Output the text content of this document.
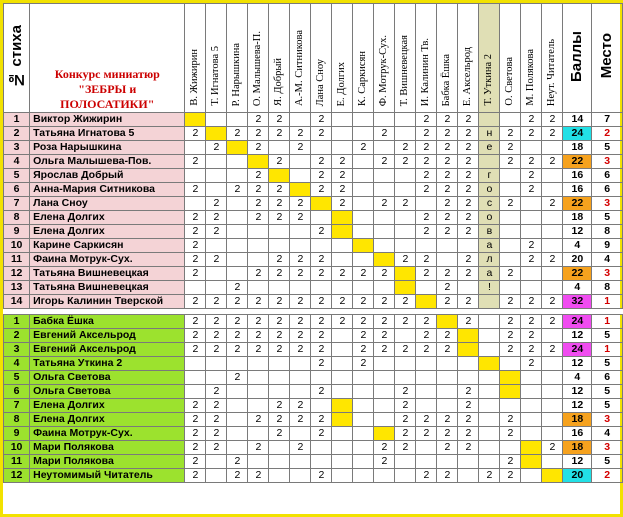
№ стиха	Конкурс миниатюр "ЗЕБРЫ и ПОЛОСАТИКИ"	В. Жижирин	Т. Игнатова 5	Р. Нарышкина	О. Малышева-П.	Я. Добрый	А.-М. Ситникова	Лана Сноу	Е. Долгих	К. Саркисян	Ф. Мотрук-Сух.	Т. Вишневецкая	И. Калинин Тв.	Бабка Ёшка	Е. Аксельрод	Т. Уткина 2	О. Светова	М. Полякова	Неут. Читатель	Баллы	Место
1	Виктор Жижирин				2	2		2					2	2	2			2	2	14	7
2	Татьяна Игнатова 5	2		2	2	2	2	2			2		2	2	2	н	2	2	2	24	2
3	Роза Нарышкина		2		2		2			2		2	2	2	2	е	2			18	5
4	Ольга Малышева-Пов.	2				2		2	2		2	2	2	2	2		2	2	2	22	3
5	Ярослав Добрый				2			2	2				2	2	2	г		2		16	6
6	Анна-Мария Ситникова	2		2	2	2		2	2				2	2	2	о		2		16	6
7	Лана Сноу		2		2	2	2		2		2	2		2	2	с	2		2	22	3
8	Елена Долгих	2	2		2	2	2						2	2	2	о				18	5
9	Елена Долгих	2	2					2					2	2	2	в				12	8
10	Карине Саркисян	2														а		2		4	9
11	Фаина Мотрук-Сух.	2	2			2	2	2				2	2		2	л		2	2	20	4
12	Татьяна Вишневецкая	2			2	2	2	2	2	2	2		2	2	2	а	2			22	3
13	Татьяна Вишневецкая			2										2		!				4	8
14	Игорь Калинин Тверской	2	2	2	2	2	2	2	2	2	2	2		2	2		2	2	2	32	1

1	Бабка Ёшка	2	2	2	2	2	2	2	2	2	2	2	2		2		2	2	2	24	1
2	Евгений Аксельрод	2	2	2	2	2	2	2		2	2		2	2			2	2		12	5
3	Евгений Аксельрод	2	2	2	2	2	2	2		2	2	2	2	2			2	2	2	24	1
4	Татьяна Уткина 2							2		2								2		12	5
5	Ольга Светова			2																4	6
6	Ольга Светова		2					2				2			2					12	5
7	Елена Долгих	2	2			2	2					2			2					12	5
8	Елена Долгих	2	2		2	2	2	2				2	2	2	2		2			18	3
9	Фаина Мотрук-Сух.	2	2			2		2				2	2	2	2		2			16	4
10	Мари Полякова	2	2		2		2				2	2		2	2				2	18	3
11	Мари Полякова	2		2							2						2			12	5
12	Неутомимый Читатель	2		2	2			2					2	2		2	2			20	2
